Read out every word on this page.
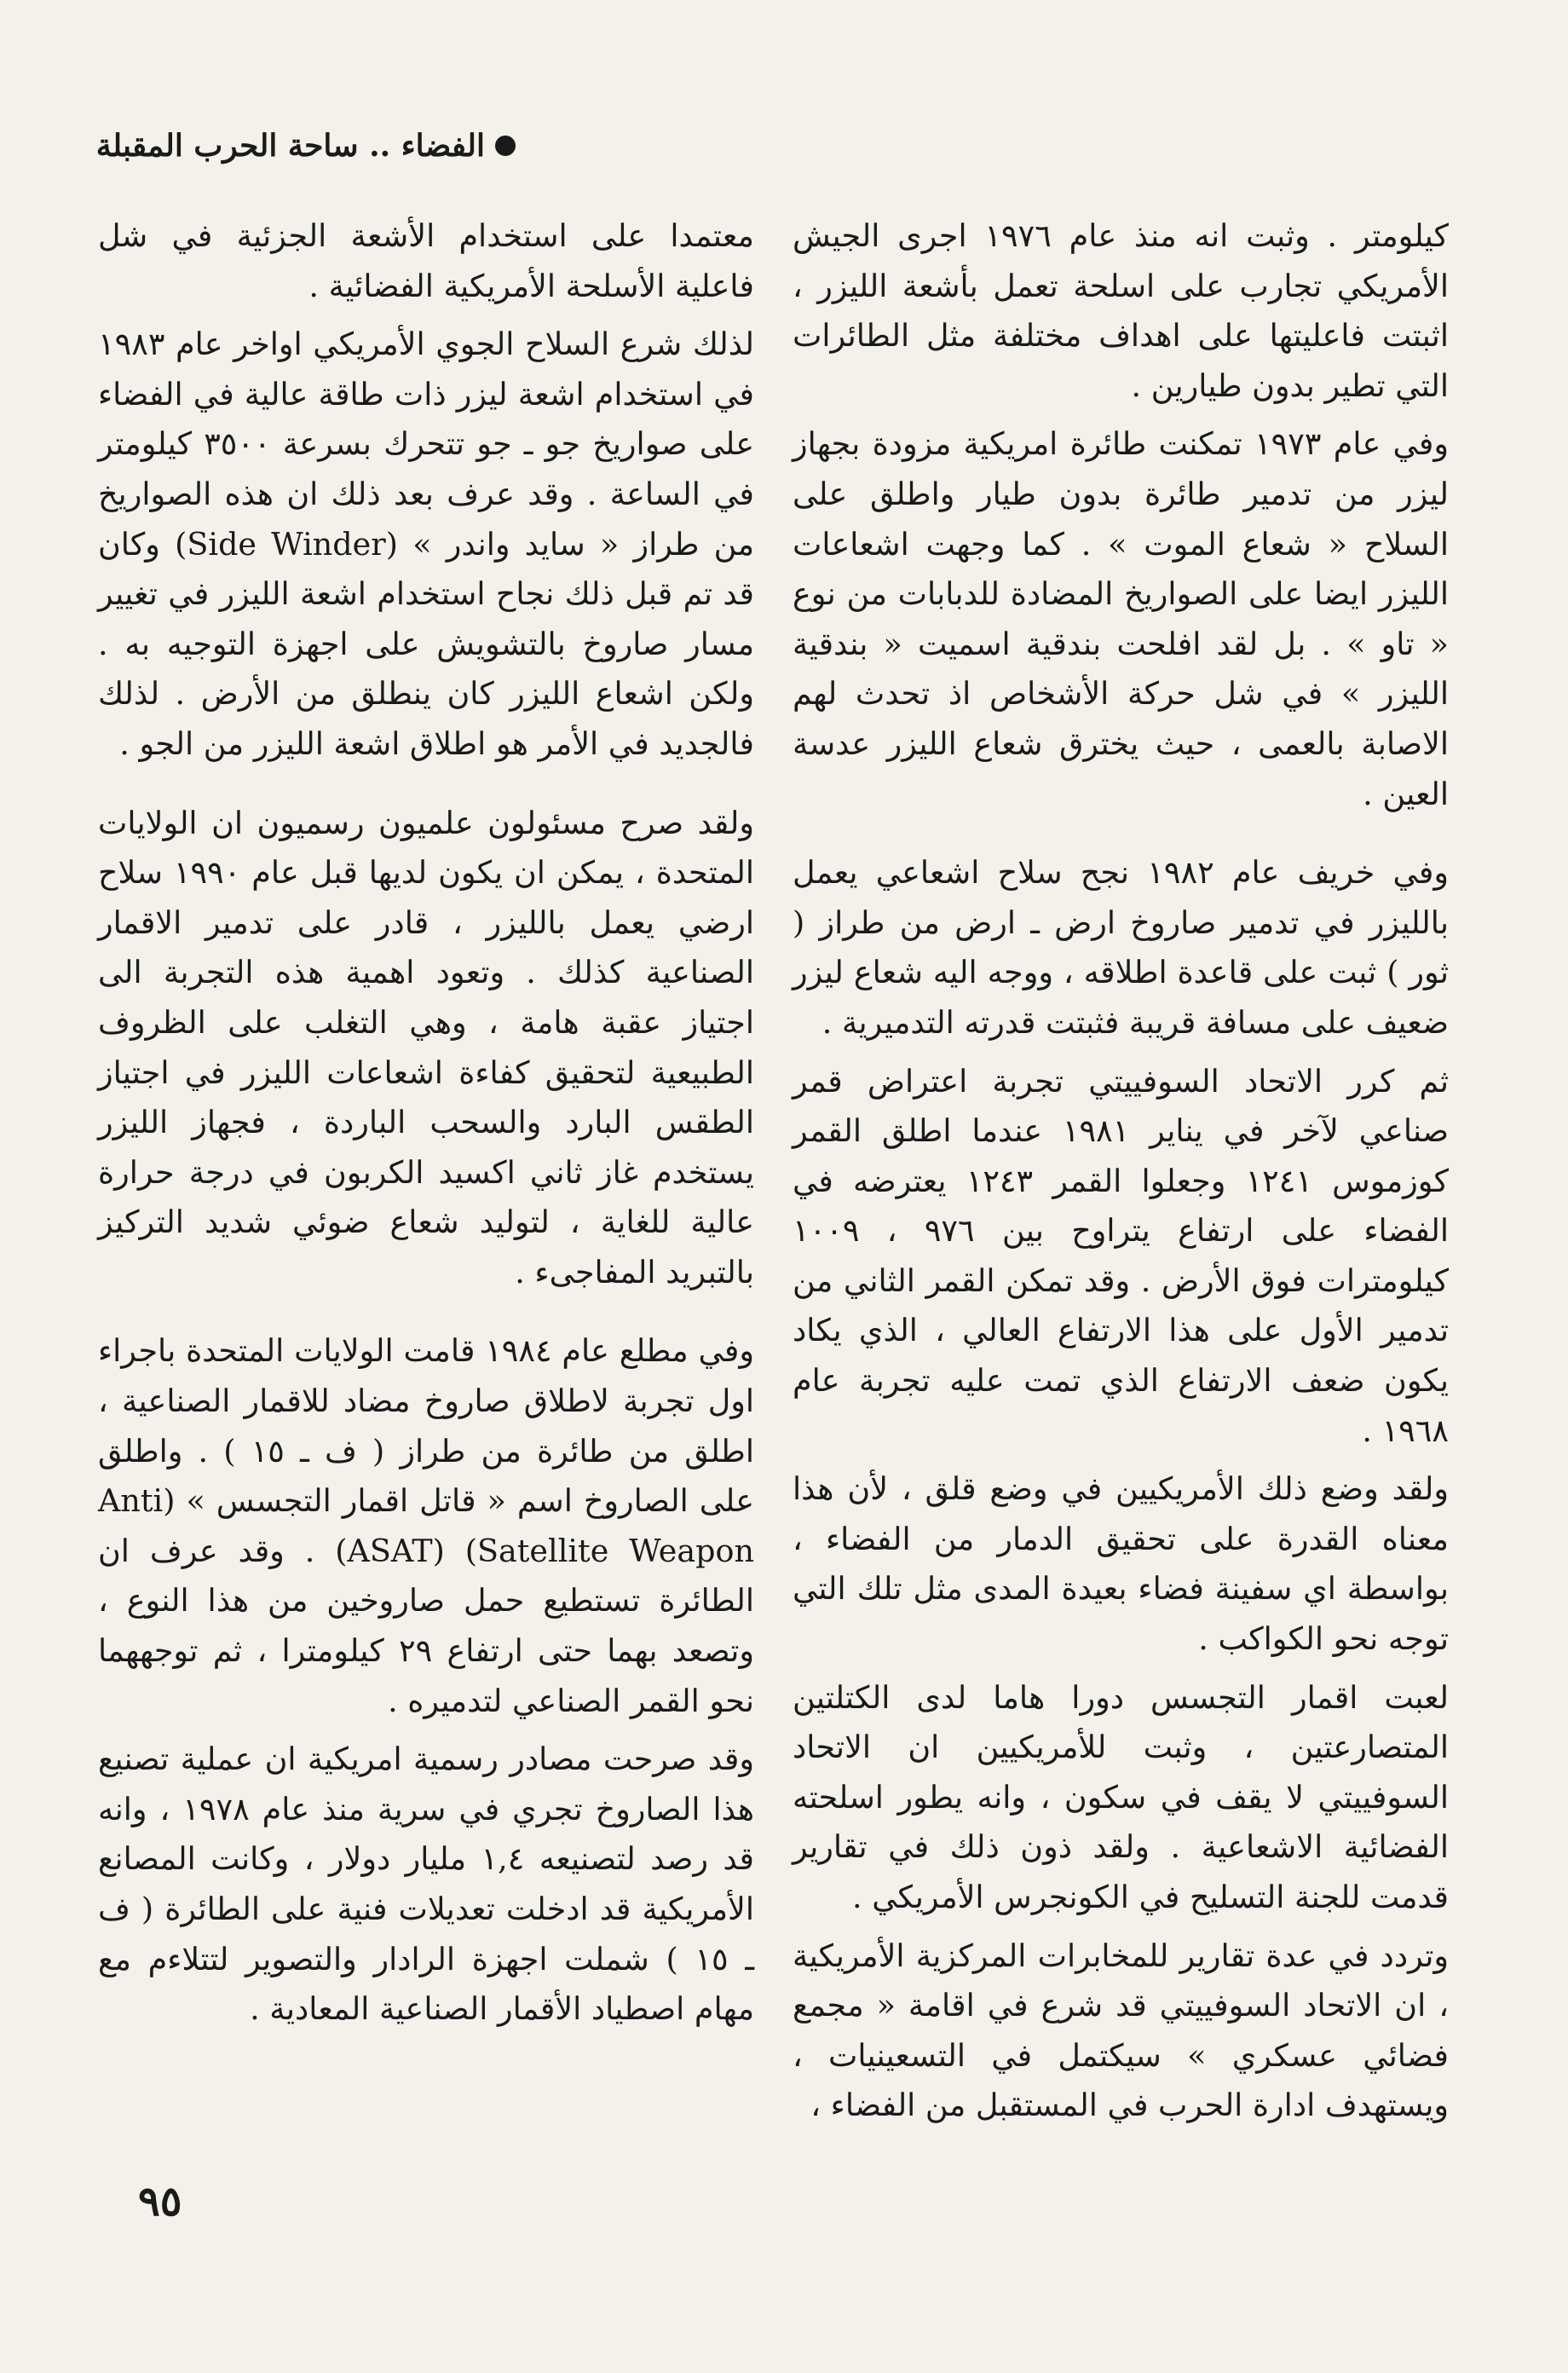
الفضاء .. ساحة الحرب المقبلة

كيلومتر . وثبت انه منذ عام ١٩٧٦ اجرى الجيش الأمريكي تجارب على اسلحة تعمل بأشعة الليزر ، اثبتت فاعليتها على اهداف مختلفة مثل الطائرات التي تطير بدون طيارين .

وفي عام ١٩٧٣ تمكنت طائرة امريكية مزودة بجهاز ليزر من تدمير طائرة بدون طيار واطلق على السلاح « شعاع الموت » . كما وجهت اشعاعات الليزر ايضا على الصواريخ المضادة للدبابات من نوع « تاو » . بل لقد افلحت بندقية اسميت « بندقية الليزر » في شل حركة الأشخاص اذ تحدث لهم الاصابة بالعمى ، حيث يخترق شعاع الليزر عدسة العين .

وفي خريف عام ١٩٨٢ نجح سلاح اشعاعي يعمل بالليزر في تدمير صاروخ ارض ـ ارض من طراز ( ثور ) ثبت على قاعدة اطلاقه ، ووجه اليه شعاع ليزر ضعيف على مسافة قريبة فثبتت قدرته التدميرية .

ثم كرر الاتحاد السوفييتي تجربة اعتراض قمر صناعي لآخر في يناير ١٩٨١ عندما اطلق القمر كوزموس ١٢٤١ وجعلوا القمر ١٢٤٣ يعترضه في الفضاء على ارتفاع يتراوح بين ٩٧٦ ، ١٠٠٩ كيلومترات فوق الأرض . وقد تمكن القمر الثاني من تدمير الأول على هذا الارتفاع العالي ، الذي يكاد يكون ضعف الارتفاع الذي تمت عليه تجربة عام ١٩٦٨ .

ولقد وضع ذلك الأمريكيين في وضع قلق ، لأن هذا معناه القدرة على تحقيق الدمار من الفضاء ، بواسطة اي سفينة فضاء بعيدة المدى مثل تلك التي توجه نحو الكواكب .

لعبت اقمار التجسس دورا هاما لدى الكتلتين المتصارعتين ، وثبت للأمريكيين ان الاتحاد السوفييتي لا يقف في سكون ، وانه يطور اسلحته الفضائية الاشعاعية . ولقد ذون ذلك في تقارير قدمت للجنة التسليح في الكونجرس الأمريكي .

وتردد في عدة تقارير للمخابرات المركزية الأمريكية ، ان الاتحاد السوفييتي قد شرع في اقامة « مجمع فضائي عسكري » سيكتمل في التسعينيات ، ويستهدف ادارة الحرب في المستقبل من الفضاء ،

معتمدا على استخدام الأشعة الجزئية في شل فاعلية الأسلحة الأمريكية الفضائية .

لذلك شرع السلاح الجوي الأمريكي اواخر عام ١٩٨٣ في استخدام اشعة ليزر ذات طاقة عالية في الفضاء على صواريخ جو ـ جو تتحرك بسرعة ٣٥٠٠ كيلومتر في الساعة . وقد عرف بعد ذلك ان هذه الصواريخ من طراز « سايد واندر » (Side Winder) وكان قد تم قبل ذلك نجاح استخدام اشعة الليزر في تغيير مسار صاروخ بالتشويش على اجهزة التوجيه به . ولكن اشعاع الليزر كان ينطلق من الأرض . لذلك فالجديد في الأمر هو اطلاق اشعة الليزر من الجو .

ولقد صرح مسئولون علميون رسميون ان الولايات المتحدة ، يمكن ان يكون لديها قبل عام ١٩٩٠ سلاح ارضي يعمل بالليزر ، قادر على تدمير الاقمار الصناعية كذلك . وتعود اهمية هذه التجربة الى اجتياز عقبة هامة ، وهي التغلب على الظروف الطبيعية لتحقيق كفاءة اشعاعات الليزر في اجتياز الطقس البارد والسحب الباردة ، فجهاز الليزر يستخدم غاز ثاني اكسيد الكربون في درجة حرارة عالية للغاية ، لتوليد شعاع ضوئي شديد التركيز بالتبريد المفاجىء .

وفي مطلع عام ١٩٨٤ قامت الولايات المتحدة باجراء اول تجربة لاطلاق صاروخ مضاد للاقمار الصناعية ، اطلق من طائرة من طراز ( ف ـ ١٥ ) . واطلق على الصاروخ اسم « قاتل اقمار التجسس » (Anti Satellite Weapon) (ASAT) . وقد عرف ان الطائرة تستطيع حمل صاروخين من هذا النوع ، وتصعد بهما حتى ارتفاع ٢٩ كيلومترا ، ثم توجههما نحو القمر الصناعي لتدميره .

وقد صرحت مصادر رسمية امريكية ان عملية تصنيع هذا الصاروخ تجري في سرية منذ عام ١٩٧٨ ، وانه قد رصد لتصنيعه ١,٤ مليار دولار ، وكانت المصانع الأمريكية قد ادخلت تعديلات فنية على الطائرة ( ف ـ ١٥ ) شملت اجهزة الرادار والتصوير لتتلاءم مع مهام اصطياد الأقمار الصناعية المعادية .

٩٥
